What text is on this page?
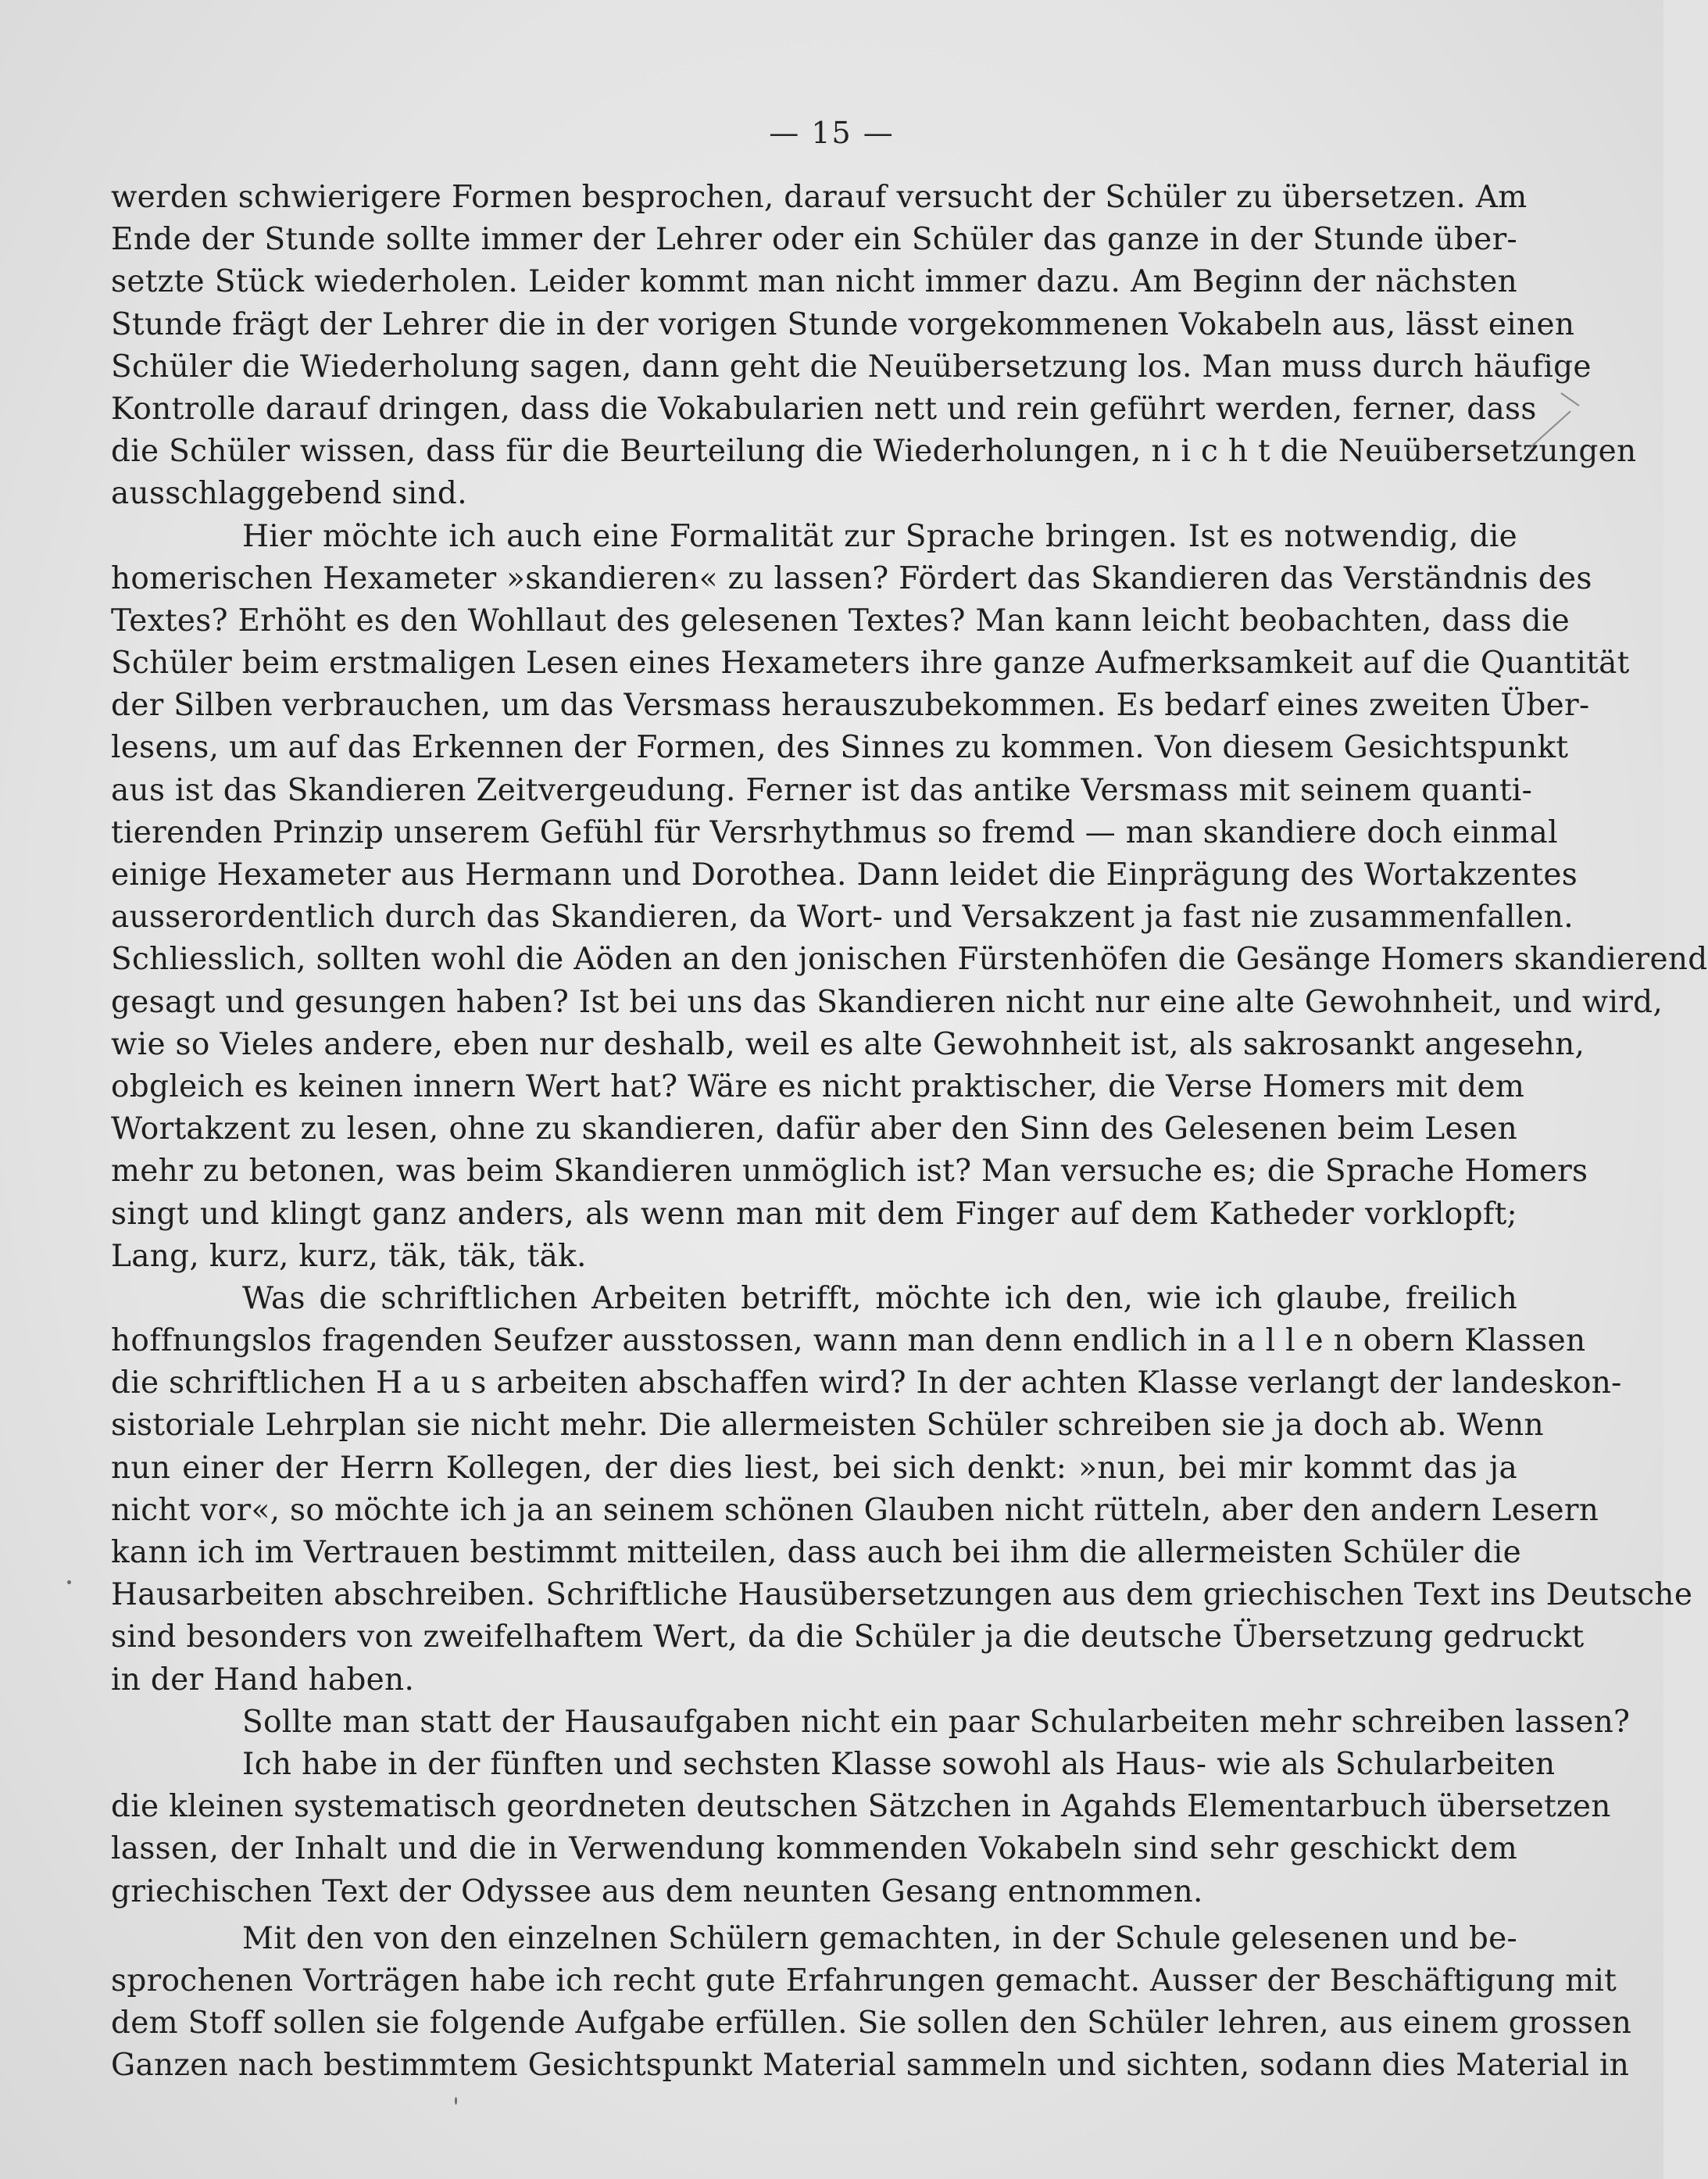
— 15 —
werden schwierigere Formen besprochen, darauf versucht der Schüler zu übersetzen. Am
Ende der Stunde sollte immer der Lehrer oder ein Schüler das ganze in der Stunde über-
setzte Stück wiederholen. Leider kommt man nicht immer dazu. Am Beginn der nächsten
Stunde frägt der Lehrer die in der vorigen Stunde vorgekommenen Vokabeln aus, lässt einen
Schüler die Wiederholung sagen, dann geht die Neuübersetzung los. Man muss durch häufige
Kontrolle darauf dringen, dass die Vokabularien nett und rein geführt werden, ferner, dass
die Schüler wissen, dass für die Beurteilung die Wiederholungen, n i c h t die Neuübersetzungen
ausschlaggebend sind.
Hier möchte ich auch eine Formalität zur Sprache bringen. Ist es notwendig, die
homerischen Hexameter »skandieren« zu lassen? Fördert das Skandieren das Verständnis des
Textes? Erhöht es den Wohllaut des gelesenen Textes? Man kann leicht beobachten, dass die
Schüler beim erstmaligen Lesen eines Hexameters ihre ganze Aufmerksamkeit auf die Quantität
der Silben verbrauchen, um das Versmass herauszubekommen. Es bedarf eines zweiten Über-
lesens, um auf das Erkennen der Formen, des Sinnes zu kommen. Von diesem Gesichtspunkt
aus ist das Skandieren Zeitvergeudung. Ferner ist das antike Versmass mit seinem quanti-
tierenden Prinzip unserem Gefühl für Versrhythmus so fremd — man skandiere doch einmal
einige Hexameter aus Hermann und Dorothea. Dann leidet die Einprägung des Wortakzentes
ausserordentlich durch das Skandieren, da Wort- und Versakzent ja fast nie zusammenfallen.
Schliesslich, sollten wohl die Aöden an den jonischen Fürstenhöfen die Gesänge Homers skandierend
gesagt und gesungen haben? Ist bei uns das Skandieren nicht nur eine alte Gewohnheit, und wird,
wie so Vieles andere, eben nur deshalb, weil es alte Gewohnheit ist, als sakrosankt angesehn,
obgleich es keinen innern Wert hat? Wäre es nicht praktischer, die Verse Homers mit dem
Wortakzent zu lesen, ohne zu skandieren, dafür aber den Sinn des Gelesenen beim Lesen
mehr zu betonen, was beim Skandieren unmöglich ist? Man versuche es; die Sprache Homers
singt und klingt ganz anders, als wenn man mit dem Finger auf dem Katheder vorklopft;
Lang, kurz, kurz, täk, täk, täk.
Was die schriftlichen Arbeiten betrifft, möchte ich den, wie ich glaube, freilich
hoffnungslos fragenden Seufzer ausstossen, wann man denn endlich in a l l e n obern Klassen
die schriftlichen H a u s arbeiten abschaffen wird? In der achten Klasse verlangt der landeskon-
sistoriale Lehrplan sie nicht mehr. Die allermeisten Schüler schreiben sie ja doch ab. Wenn
nun einer der Herrn Kollegen, der dies liest, bei sich denkt: »nun, bei mir kommt das ja
nicht vor«, so möchte ich ja an seinem schönen Glauben nicht rütteln, aber den andern Lesern
kann ich im Vertrauen bestimmt mitteilen, dass auch bei ihm die allermeisten Schüler die
Hausarbeiten abschreiben. Schriftliche Hausübersetzungen aus dem griechischen Text ins Deutsche
sind besonders von zweifelhaftem Wert, da die Schüler ja die deutsche Übersetzung gedruckt
in der Hand haben.
Sollte man statt der Hausaufgaben nicht ein paar Schularbeiten mehr schreiben lassen?
Ich habe in der fünften und sechsten Klasse sowohl als Haus- wie als Schularbeiten
die kleinen systematisch geordneten deutschen Sätzchen in Agahds Elementarbuch übersetzen
lassen, der Inhalt und die in Verwendung kommenden Vokabeln sind sehr geschickt dem
griechischen Text der Odyssee aus dem neunten Gesang entnommen.
Mit den von den einzelnen Schülern gemachten, in der Schule gelesenen und be-
sprochenen Vorträgen habe ich recht gute Erfahrungen gemacht. Ausser der Beschäftigung mit
dem Stoff sollen sie folgende Aufgabe erfüllen. Sie sollen den Schüler lehren, aus einem grossen
Ganzen nach bestimmtem Gesichtspunkt Material sammeln und sichten, sodann dies Material in
